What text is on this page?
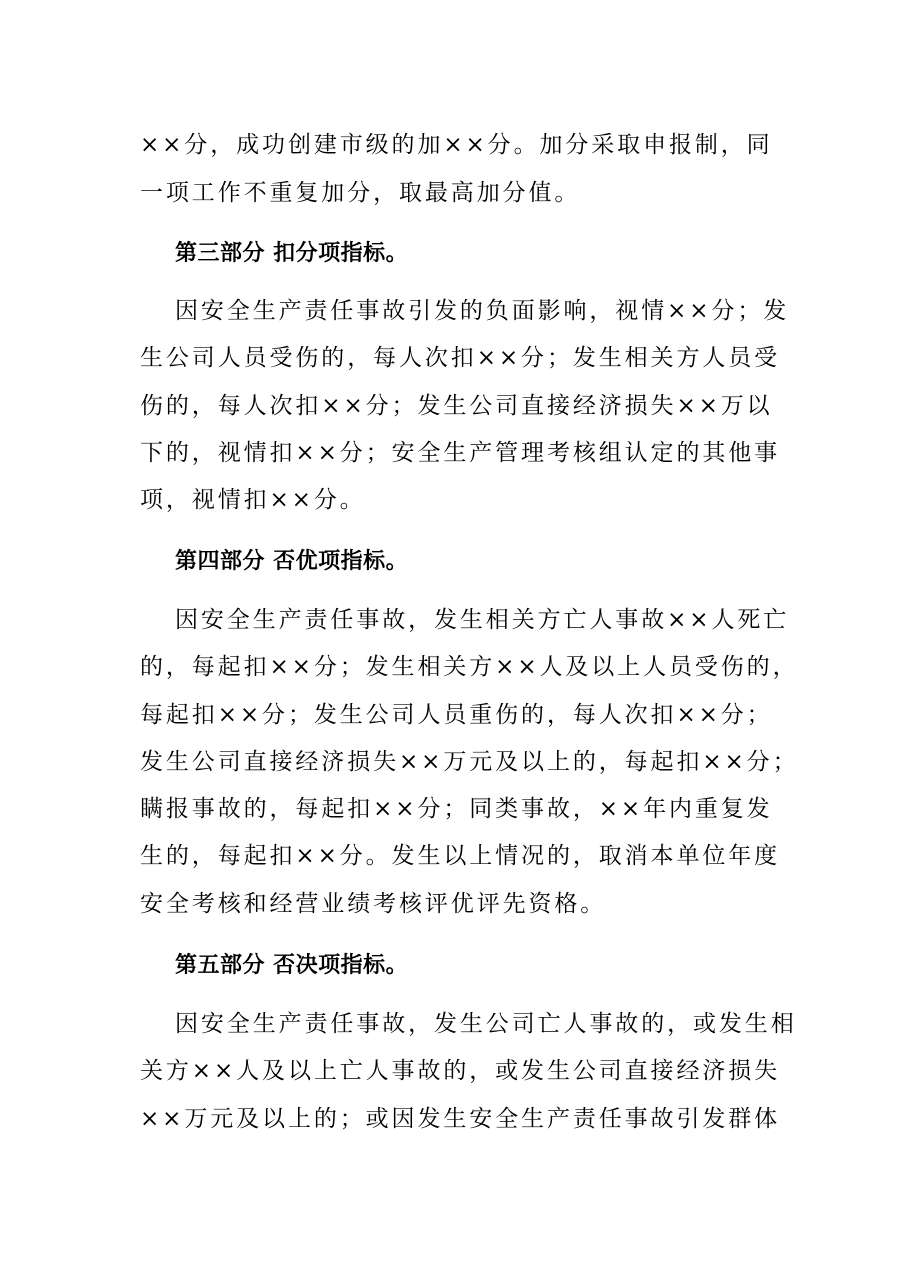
××分，成功创建市级的加××分。加分采取申报制，同
一项工作不重复加分，取最高加分值。
第三部分 扣分项指标。
因安全生产责任事故引发的负面影响，视情××分；发
生公司人员受伤的，每人次扣××分；发生相关方人员受
伤的，每人次扣××分；发生公司直接经济损失××万以
下的，视情扣××分；安全生产管理考核组认定的其他事
项，视情扣××分。
第四部分 否优项指标。
因安全生产责任事故，发生相关方亡人事故××人死亡
的，每起扣××分；发生相关方××人及以上人员受伤的，
每起扣××分；发生公司人员重伤的，每人次扣××分；
发生公司直接经济损失××万元及以上的，每起扣××分；
瞒报事故的，每起扣××分；同类事故，××年内重复发
生的，每起扣××分。发生以上情况的，取消本单位年度
安全考核和经营业绩考核评优评先资格。
第五部分 否决项指标。
因安全生产责任事故，发生公司亡人事故的，或发生相
关方××人及以上亡人事故的，或发生公司直接经济损失
××万元及以上的；或因发生安全生产责任事故引发群体
